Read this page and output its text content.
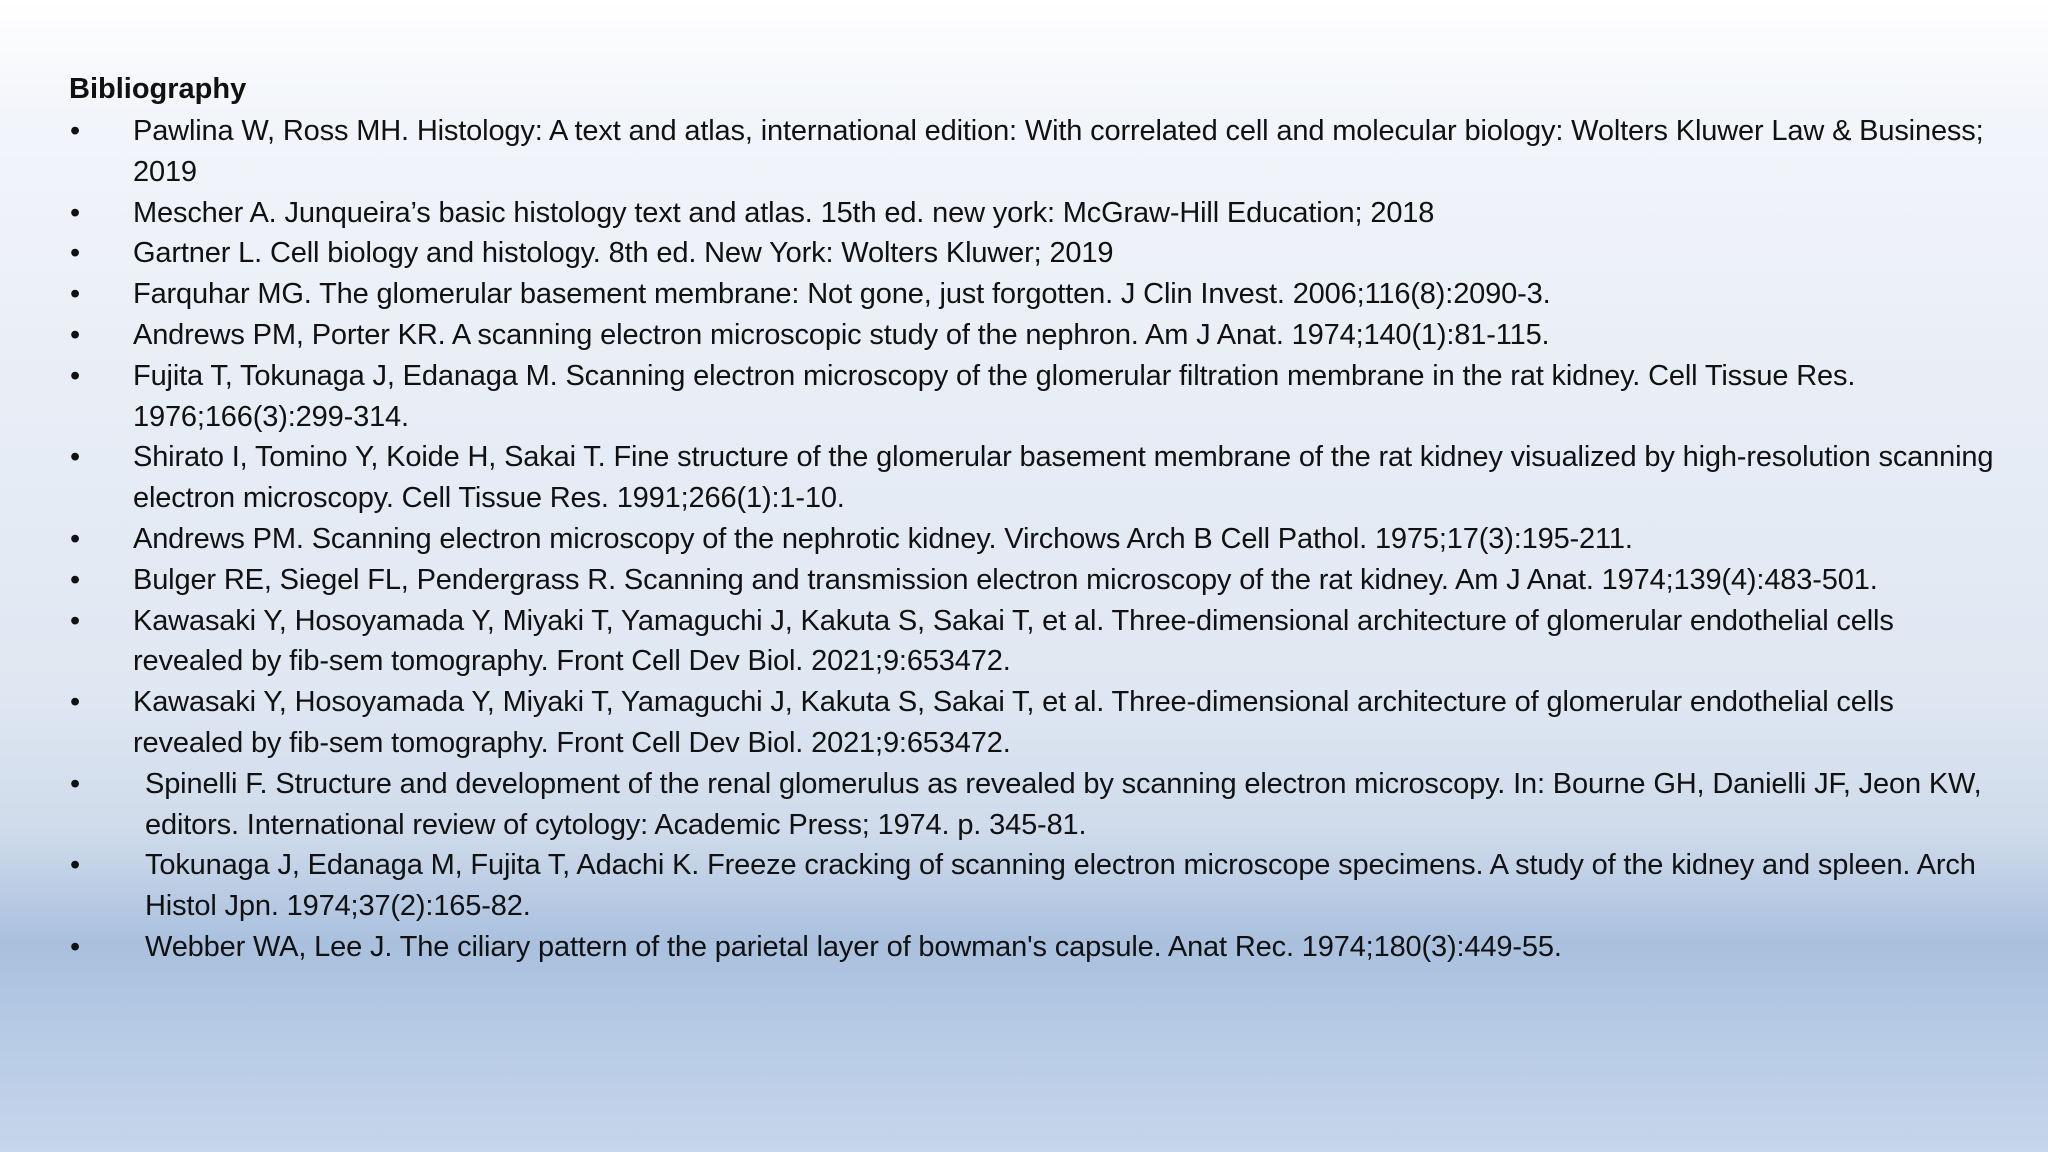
Bibliography
•	Pawlina W, Ross MH. Histology: A text and atlas, international edition: With correlated cell and molecular biology: Wolters Kluwer Law & Business; 2019
•	Mescher A. Junqueira’s basic histology text and atlas. 15th ed. new york: McGraw-Hill Education; 2018
•	Gartner L. Cell biology and histology. 8th ed. New York: Wolters Kluwer; 2019
•	Farquhar MG. The glomerular basement membrane: Not gone, just forgotten. J Clin Invest. 2006;116(8):2090-3.
•	Andrews PM, Porter KR. A scanning electron microscopic study of the nephron. Am J Anat. 1974;140(1):81-115.
•	Fujita T, Tokunaga J, Edanaga M. Scanning electron microscopy of the glomerular filtration membrane in the rat kidney. Cell Tissue Res. 1976;166(3):299-314.
•	Shirato I, Tomino Y, Koide H, Sakai T. Fine structure of the glomerular basement membrane of the rat kidney visualized by high-resolution scanning electron microscopy. Cell Tissue Res. 1991;266(1):1-10.
•	Andrews PM. Scanning electron microscopy of the nephrotic kidney. Virchows Arch B Cell Pathol. 1975;17(3):195-211.
•	Bulger RE, Siegel FL, Pendergrass R. Scanning and transmission electron microscopy of the rat kidney. Am J Anat. 1974;139(4):483-501.
•	Kawasaki Y, Hosoyamada Y, Miyaki T, Yamaguchi J, Kakuta S, Sakai T, et al. Three-dimensional architecture of glomerular endothelial cells revealed by fib-sem tomography. Front Cell Dev Biol. 2021;9:653472.
•	Kawasaki Y, Hosoyamada Y, Miyaki T, Yamaguchi J, Kakuta S, Sakai T, et al. Three-dimensional architecture of glomerular endothelial cells revealed by fib-sem tomography. Front Cell Dev Biol. 2021;9:653472.
•	Spinelli F. Structure and development of the renal glomerulus as revealed by scanning electron microscopy. In: Bourne GH, Danielli JF, Jeon KW, editors. International review of cytology: Academic Press; 1974. p. 345-81.
•	Tokunaga J, Edanaga M, Fujita T, Adachi K. Freeze cracking of scanning electron microscope specimens. A study of the kidney and spleen. Arch Histol Jpn. 1974;37(2):165-82.
•	Webber WA, Lee J. The ciliary pattern of the parietal layer of bowman's capsule. Anat Rec. 1974;180(3):449-55.
